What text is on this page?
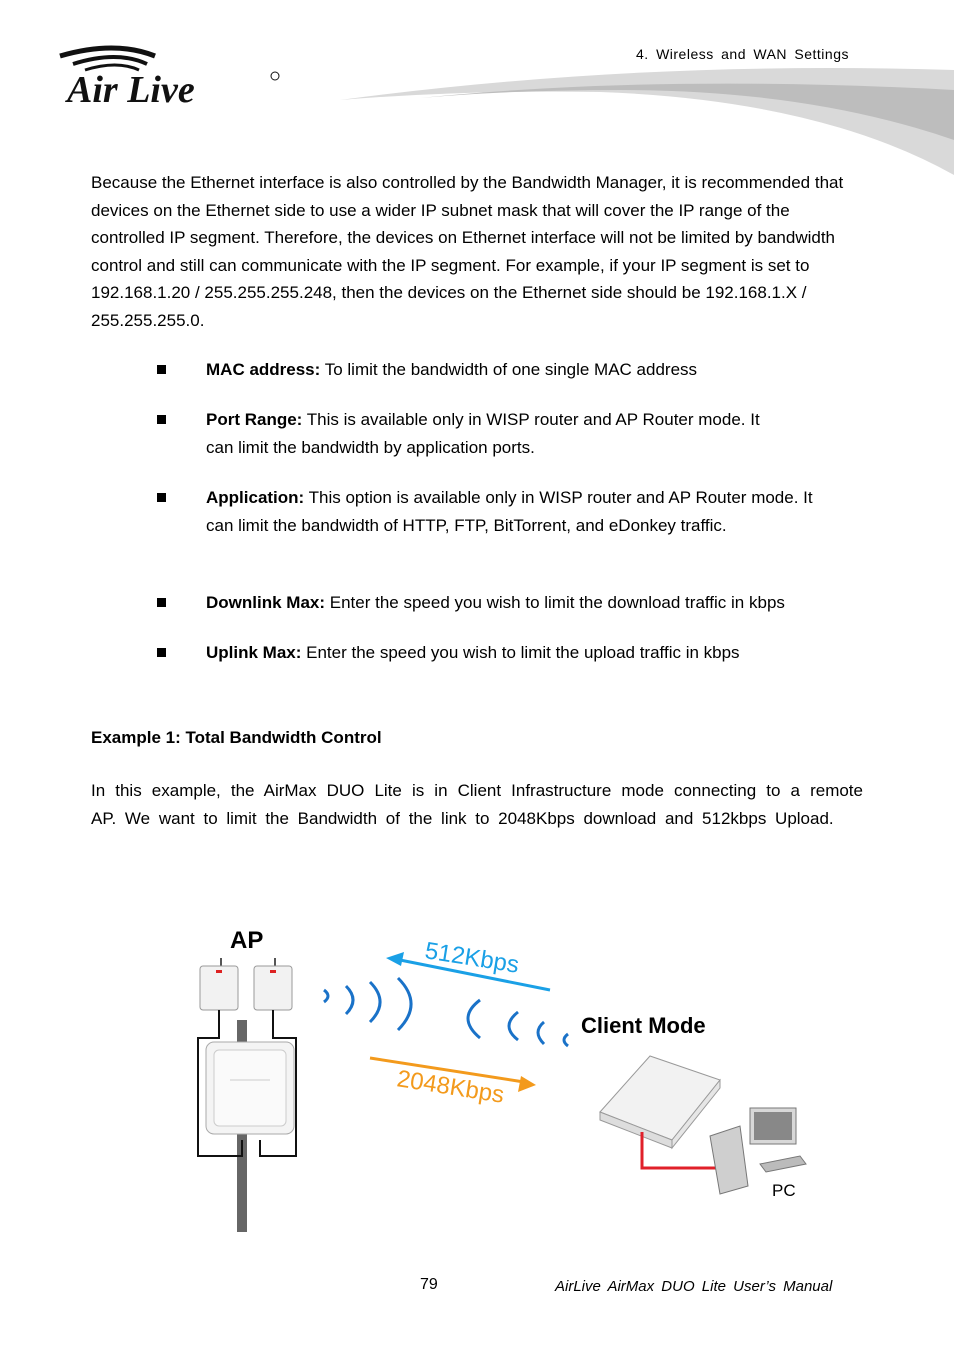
4. Wireless and WAN Settings
Air Live
Because the Ethernet interface is also controlled by the Bandwidth Manager, it is recommended that devices on the Ethernet side to use a wider IP subnet mask that will cover the IP range of the controlled IP segment. Therefore, the devices on Ethernet interface will not be limited by bandwidth control and still can communicate with the IP segment. For example, if your IP segment is set to 192.168.1.20 / 255.255.255.248, then the devices on the Ethernet side should be 192.168.1.X / 255.255.255.0.
MAC address: To limit the bandwidth of one single MAC address
Port Range: This is available only in WISP router and AP Router mode. It can limit the bandwidth by application ports.
Application: This option is available only in WISP router and AP Router mode. It can limit the bandwidth of HTTP, FTP, BitTorrent, and eDonkey traffic.
Downlink Max: Enter the speed you wish to limit the download traffic in kbps
Uplink Max: Enter the speed you wish to limit the upload traffic in kbps
Example 1: Total Bandwidth Control
In this example, the AirMax DUO Lite is in Client Infrastructure mode connecting to a remote AP. We want to limit the Bandwidth of the link to 2048Kbps download and 512kbps Upload.
AP	512Kbps
2048Kbps
Client Mode
PC
79	AirLive AirMax DUO Lite User’s Manual
